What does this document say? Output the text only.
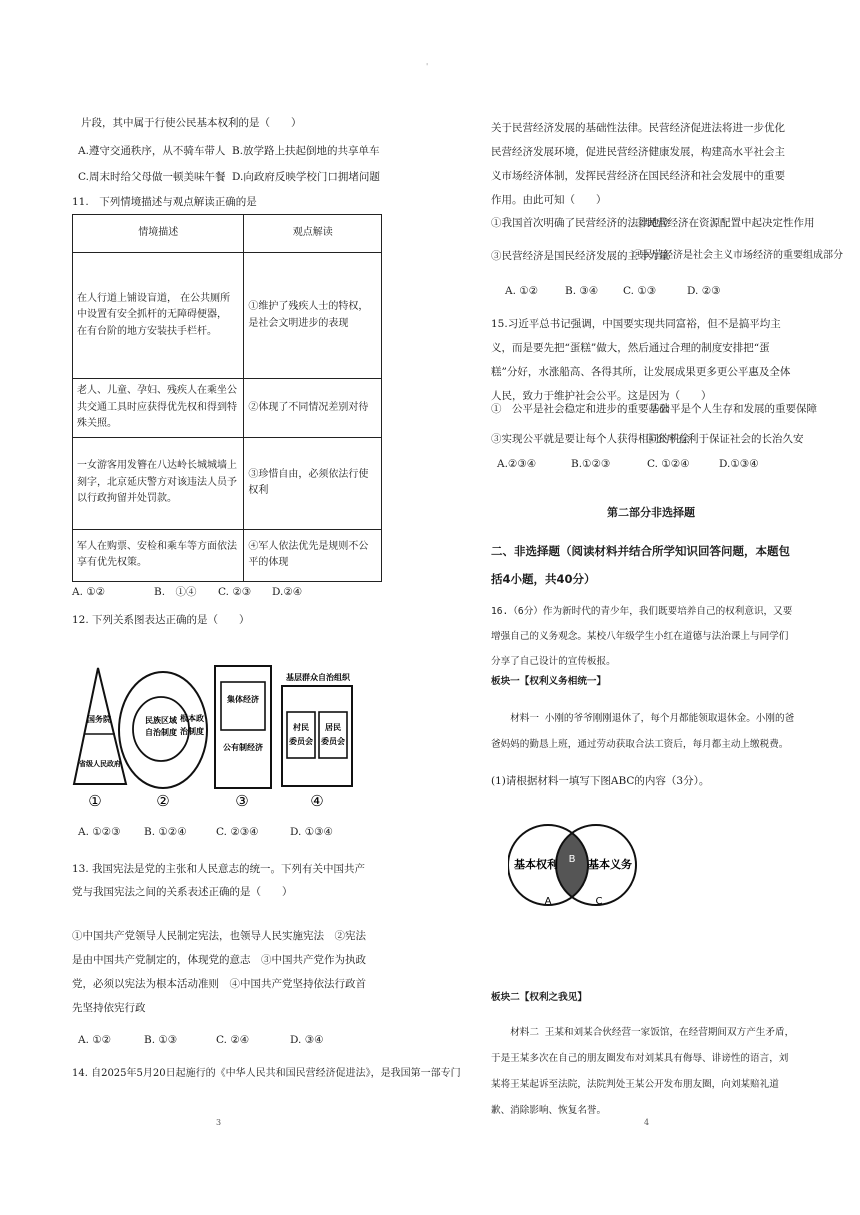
'
片段，其中属于行使公民基本权利的是（　　）
A.遵守交通秩序，从不骑车带人 B.放学路上扶起倒地的共享单车
C.周末时给父母做一顿美味午餐 D.向政府反映学校门口拥堵问题
11.　下列情境描述与观点解读正确的是
情境描述	观点解读
在人行道上铺设盲道， 在公共厕所中设置有安全抓杆的无障碍便器， 在有台阶的地方安装扶手栏杆。	①维护了残疾人士的特权，是社会文明进步的表现
老人、儿童、孕妇、残疾人在乘坐公共交通工具时应获得优先权和得到特殊关照。	②体现了不同情况差别对待
一女游客用发簪在八达岭长城城墙上刻字，北京延庆警方对该违法人员予以行政拘留并处罚款。	③珍惜自由，必须依法行使权利
军人在购票、安检和乘车等方面依法享有优先权策。	④军人依法优先是规则不公平的体现
A. ①②	B.　①④ C. ②③ D.②④
12. 下列关系图表达正确的是（　　）
国务院
省级人民政府
①
民族区域
自治制度
民族区域自治制度
根本政
治制度
根本政治制度
②
集体经济
公有制经济
③
基层群众自治组织
村民
委员会
村民委员会
居民
委员会
居民委员会
④
A. ①②③ B. ①②④	C. ②③④	D. ①③④
13. 我国宪法是党的主张和人民意志的统一。下列有关中国共产党与我国宪法之间的关系表述正确的是（　　）
①中国共产党领导人民制定宪法，也领导人民实施宪法　②宪法是由中国共产党制定的，体现党的意志　③中国共产党作为执政党，必须以宪法为根本活动准则　④中国共产党坚持依法行政首先坚持依宪行政
A. ①②	B. ①③	C. ②④	D. ③④
14. 自2025年5月20日起施行的《中华人民共和国民营经济促进法》，是我国第一部专门
3
关于民营经济发展的基础性法律。民营经济促进法将进一步优化民营经济发展环境，促进民营经济健康发展，构建高水平社会主义市场经济体制，发挥民营经济在国民经济和社会发展中的重要作用。由此可知（　　）
①我国首次明确了民营经济的法律地位
②民营经济在资源配置中起决定性作用
③民营经济是国民经济发展的主导力量
④民营经济是社会主义市场经济的重要组成部分
A. ①②	B. ③④ C. ①③	D. ②③
15.习近平总书记强调，中国要实现共同富裕，但不是搞平均主义，而是要先把“蛋糕”做大，然后通过合理的制度安排把“蛋糕”分好，水涨船高、各得其所，让发展成果更多更公平惠及全体人民，致力于维护社会公平。这是因为（　　）
①　公平是社会稳定和进步的重要基础
②公平是个人生存和发展的重要保障
③实现公平就是要让每个人获得相同的机会
④公平有利于保证社会的长治久安
A.②③④	B.①②③	C. ①②④	D.①③④
第二部分非选择题
二、非选择题（阅读材料并结合所学知识回答问题，本题包括4小题，共40分）
16.（6分）作为新时代的青少年，我们既要培养自己的权利意识，又要增强自己的义务观念。某校八年级学生小红在道德与法治课上与同学们分享了自己设计的宣传板报。
板块一【权利义务相统一】
材料一 小刚的爷爷刚刚退休了，每个月都能领取退休金。小刚的爸爸妈妈的勤恳上班，通过劳动获取合法工资后，每月都主动上缴税费。
(1)请根据材料一填写下图ABC的内容（3分）。
基本权利 B 基本义务
A	C
板块二【权利之我见】
材料二 王某和刘某合伙经营一家饭馆，在经营期间双方产生矛盾，于是王某多次在自己的朋友圈发布对刘某具有侮辱、诽谤性的语言，刘某将王某起诉至法院，法院判处王某公开发布朋友圈，向刘某赔礼道歉、消除影响、恢复名誉。
4
